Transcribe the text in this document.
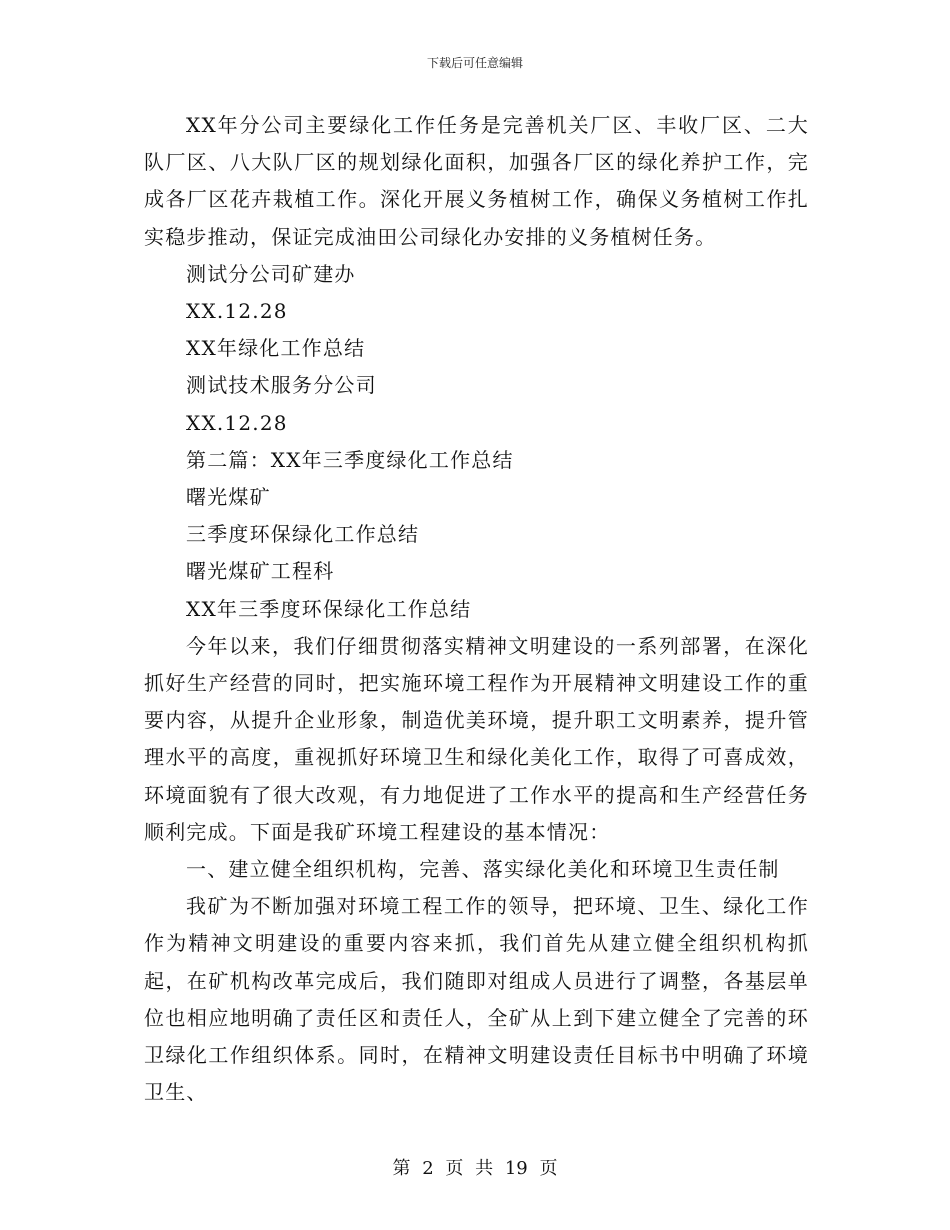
下载后可任意编辑

XX年分公司主要绿化工作任务是完善机关厂区、丰收厂区、二大队厂区、八大队厂区的规划绿化面积，加强各厂区的绿化养护工作，完成各厂区花卉栽植工作。深化开展义务植树工作，确保义务植树工作扎实稳步推动，保证完成油田公司绿化办安排的义务植树任务。

测试分公司矿建办

XX.12.28

XX年绿化工作总结

测试技术服务分公司

XX.12.28

第二篇：XX年三季度绿化工作总结

曙光煤矿

三季度环保绿化工作总结

曙光煤矿工程科

XX年三季度环保绿化工作总结

今年以来，我们仔细贯彻落实精神文明建设的一系列部署，在深化抓好生产经营的同时，把实施环境工程作为开展精神文明建设工作的重要内容，从提升企业形象，制造优美环境，提升职工文明素养，提升管理水平的高度，重视抓好环境卫生和绿化美化工作，取得了可喜成效，环境面貌有了很大改观，有力地促进了工作水平的提高和生产经营任务顺利完成。下面是我矿环境工程建设的基本情况：

一、建立健全组织机构，完善、落实绿化美化和环境卫生责任制

我矿为不断加强对环境工程工作的领导，把环境、卫生、绿化工作作为精神文明建设的重要内容来抓，我们首先从建立健全组织机构抓起，在矿机构改革完成后，我们随即对组成人员进行了调整，各基层单位也相应地明确了责任区和责任人，全矿从上到下建立健全了完善的环卫绿化工作组织体系。同时，在精神文明建设责任目标书中明确了环境卫生、

第 2 页 共 19 页
